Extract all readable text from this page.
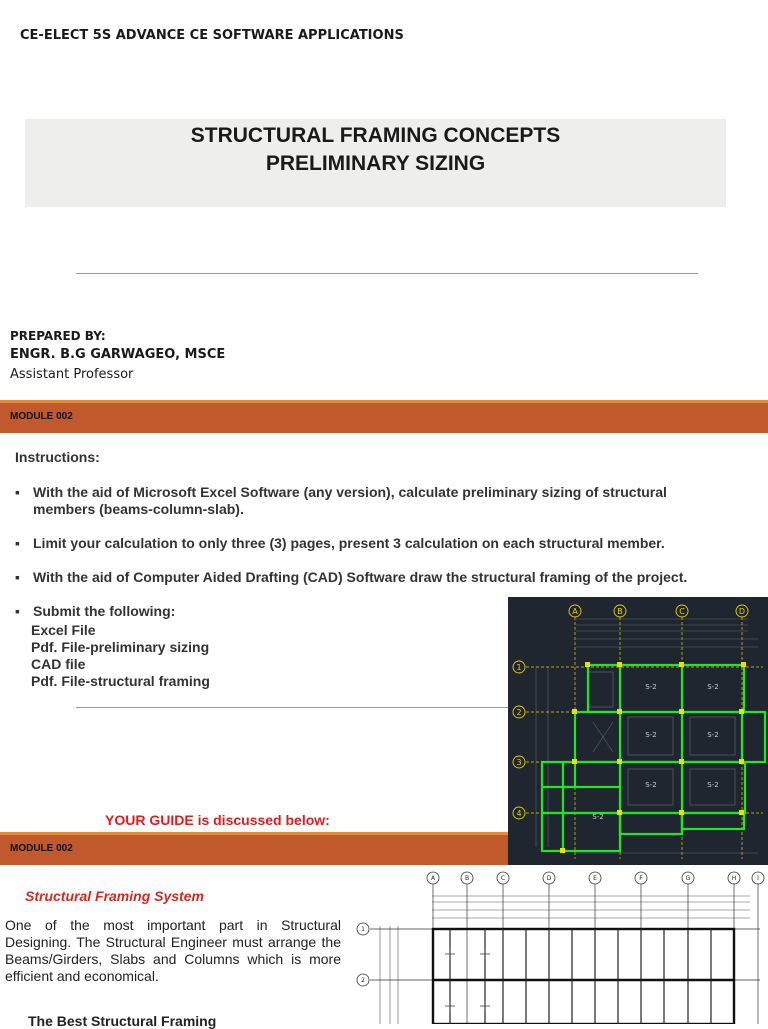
CE-ELECT 5S ADVANCE CE SOFTWARE APPLICATIONS
STRUCTURAL FRAMING CONCEPTS
PRELIMINARY SIZING
PREPARED BY:
ENGR. B.G GARWAGEO, MSCE
Assistant Professor
MODULE 002
Instructions:
▪ With the aid of Microsoft Excel Software (any version), calculate preliminary sizing of structural members (beams-column-slab).
▪ Limit your calculation to only three (3) pages, present 3 calculation on each structural member.
▪ With the aid of Computer Aided Drafting (CAD) Software draw the structural framing of the project.
▪ Submit the following:
Excel File
Pdf. File-preliminary sizing
CAD file
Pdf. File-structural framing
A	B	C	D
1
2
3
4
S-2	S-2
S-2	S-2
S-2	S-2
S-2
YOUR GUIDE is discussed below:
MODULE 002
Structural Framing System
One of the most important part in Structural Designing. The Structural Engineer must arrange the Beams/Girders, Slabs and Columns which is more efficient and economical.
The Best Structural Framing
A	B	C	D	E	F	G	H	I
1
2
